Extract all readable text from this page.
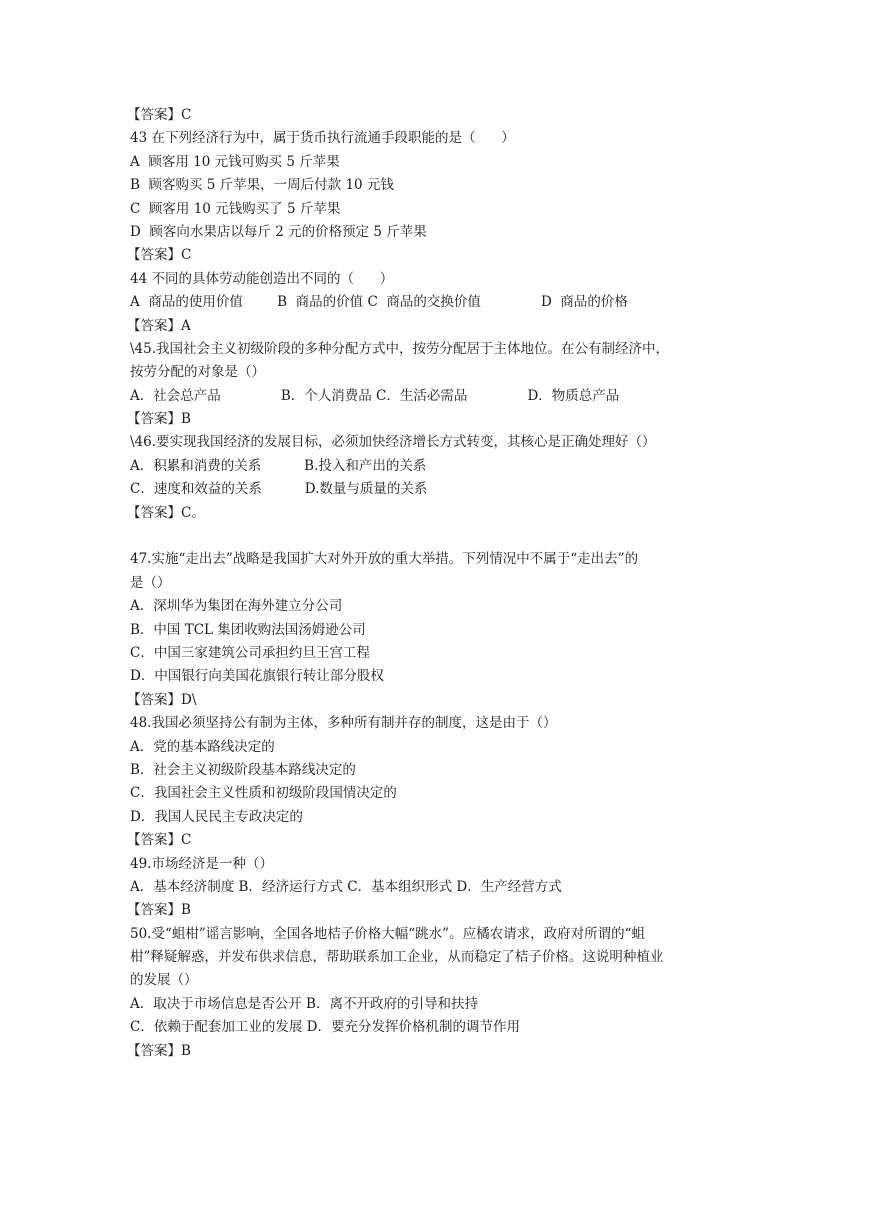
【答案】C
43 在下列经济行为中，属于货币执行流通手段职能的是（      ）
A  顾客用 10 元钱可购买 5 斤苹果
B  顾客购买 5 斤苹果，一周后付款 10 元钱
C  顾客用 10 元钱购买了 5 斤苹果
D  顾客向水果店以每斤 2 元的价格预定 5 斤苹果
【答案】C
44 不同的具体劳动能创造出不同的（      ）
A  商品的使用价值        B  商品的价值 C  商品的交换价值              D  商品的价格
【答案】A
\45.我国社会主义初级阶段的多种分配方式中，按劳分配居于主体地位。在公有制经济中，
按劳分配的对象是（）
A．社会总产品              B．个人消费品 C．生活必需品              D．物质总产品
【答案】B
\46.要实现我国经济的发展目标，必须加快经济增长方式转变，其核心是正确处理好（）
A．积累和消费的关系          B.投入和产出的关系
C．速度和效益的关系          D.数量与质量的关系
【答案】C。
47.实施“走出去”战略是我国扩大对外开放的重大举措。下列情况中不属于“走出去”的
是（）
A．深圳华为集团在海外建立分公司
B．中国 TCL 集团收购法国汤姆逊公司
C．中国三家建筑公司承担约旦王宫工程
D．中国银行向美国花旗银行转让部分股权
【答案】D\
48.我国必须坚持公有制为主体，多种所有制并存的制度，这是由于（）
A．党的基本路线决定的
B．社会主义初级阶段基本路线决定的
C．我国社会主义性质和初级阶段国情决定的
D．我国人民民主专政决定的
【答案】C
49.市场经济是一种（）
A．基本经济制度 B．经济运行方式 C．基本组织形式 D．生产经营方式
【答案】B
50.受“蛆柑”谣言影响，全国各地桔子价格大幅“跳水”。应橘农请求，政府对所谓的“蛆
柑”释疑解惑，并发布供求信息，帮助联系加工企业，从而稳定了桔子价格。这说明种植业
的发展（）
A．取决于市场信息是否公开 B．离不开政府的引导和扶持
C．依赖于配套加工业的发展 D．要充分发挥价格机制的调节作用
【答案】B
